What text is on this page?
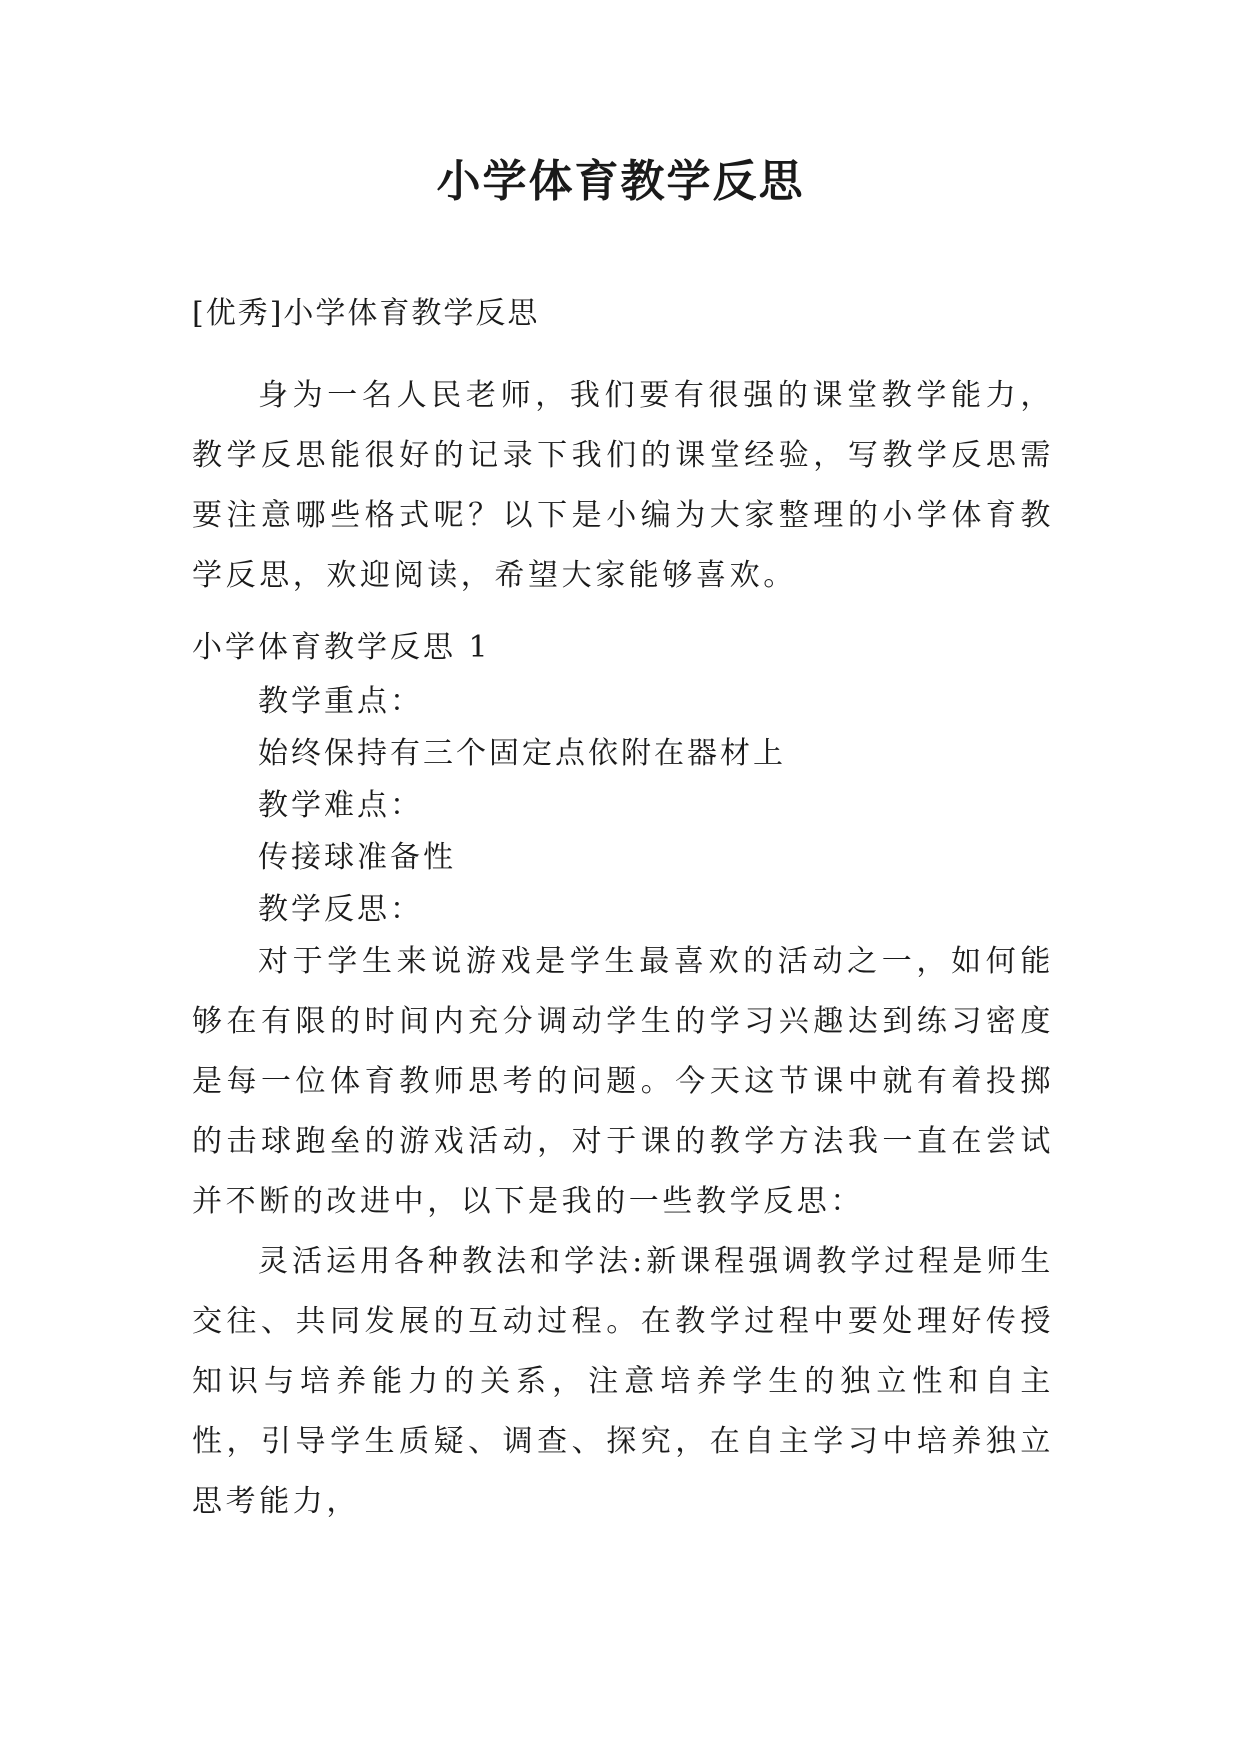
小学体育教学反思

[优秀]小学体育教学反思

身为一名人民老师，我们要有很强的课堂教学能力，教学反思能很好的记录下我们的课堂经验，写教学反思需要注意哪些格式呢？以下是小编为大家整理的小学体育教学反思，欢迎阅读，希望大家能够喜欢。

小学体育教学反思 1

教学重点：

始终保持有三个固定点依附在器材上

教学难点：

传接球准备性

教学反思：

对于学生来说游戏是学生最喜欢的活动之一，如何能够在有限的时间内充分调动学生的学习兴趣达到练习密度是每一位体育教师思考的问题。今天这节课中就有着投掷的击球跑垒的游戏活动，对于课的教学方法我一直在尝试并不断的改进中，以下是我的一些教学反思：

灵活运用各种教法和学法:新课程强调教学过程是师生交往、共同发展的互动过程。在教学过程中要处理好传授知识与培养能力的关系，注意培养学生的独立性和自主性，引导学生质疑、调查、探究，在自主学习中培养独立思考能力，
